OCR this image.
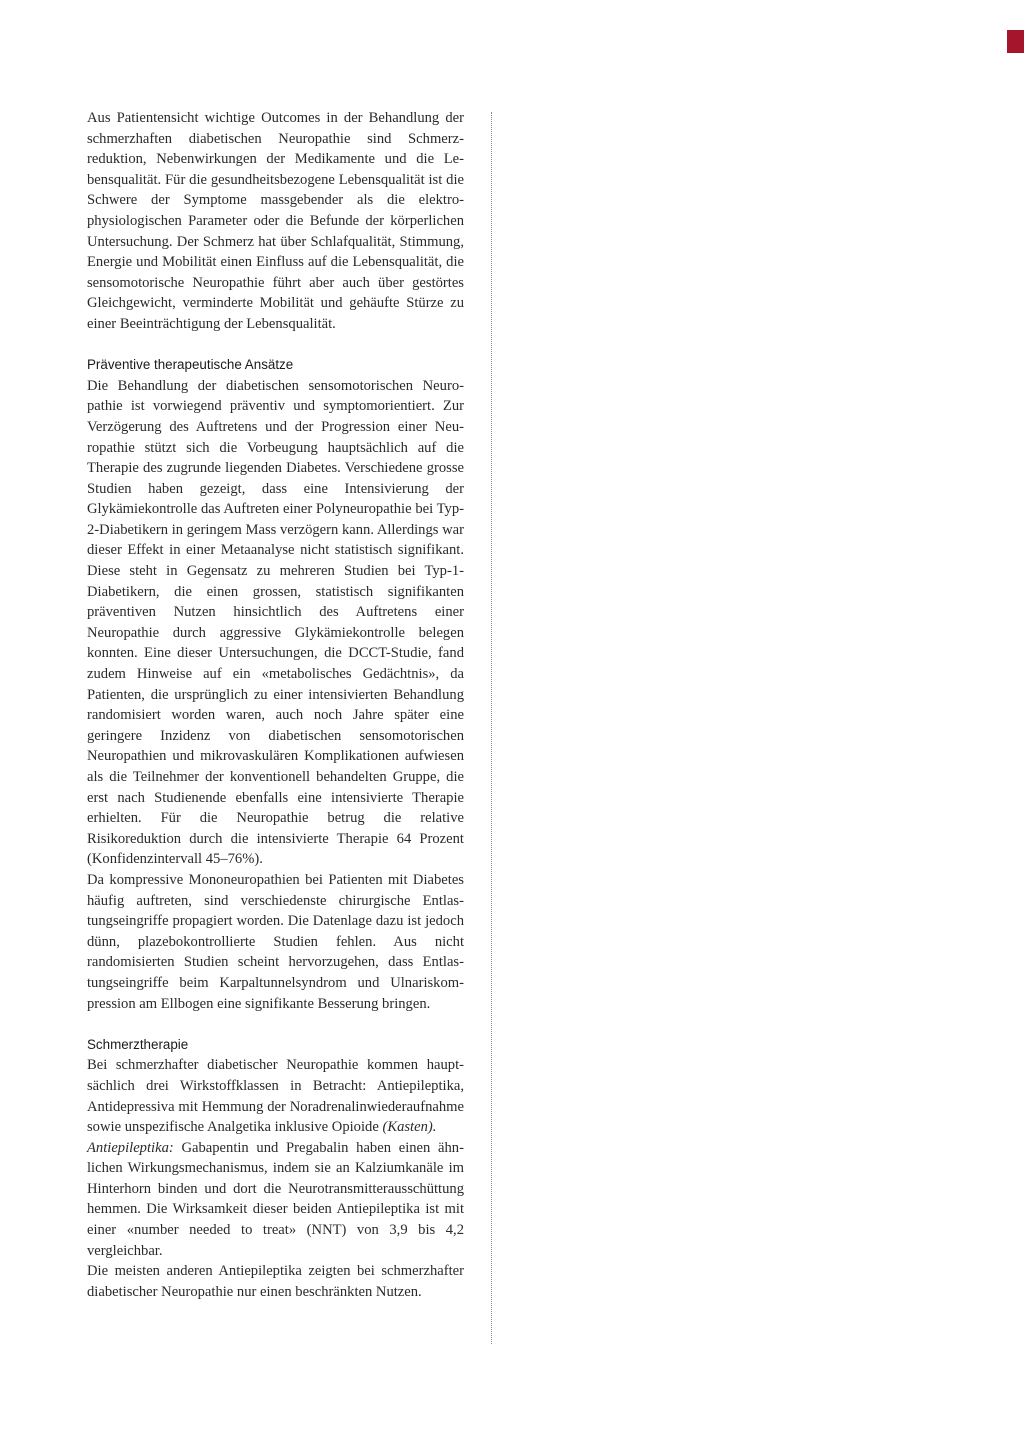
Aus Patientensicht wichtige Outcomes in der Behandlung der schmerzhaften diabetischen Neuropathie sind Schmerzreduktion, Nebenwirkungen der Medikamente und die Lebensqualität. Für die gesundheitsbezogene Lebensqualität ist die Schwere der Symptome massgebender als die elektrophysiologischen Parameter oder die Befunde der körperlichen Untersuchung. Der Schmerz hat über Schlafqualität, Stimmung, Energie und Mobilität einen Einfluss auf die Lebensqualität, die sensomotorische Neuropathie führt aber auch über gestörtes Gleichgewicht, verminderte Mobilität und gehäufte Stürze zu einer Beeinträchtigung der Lebensqualität.

Präventive therapeutische Ansätze

Die Behandlung der diabetischen sensomotorischen Neuropathie ist vorwiegend präventiv und symptomorientiert. Zur Verzögerung des Auftretens und der Progression einer Neuropathie stützt sich die Vorbeugung hauptsächlich auf die Therapie des zugrunde liegenden Diabetes. Verschiedene grosse Studien haben gezeigt, dass eine Intensivierung der Glykämiekontrolle das Auftreten einer Polyneuropathie bei Typ-2-Diabetikern in geringem Mass verzögern kann. Allerdings war dieser Effekt in einer Metaanalyse nicht statistisch signifikant. Diese steht in Gegensatz zu mehreren Studien bei Typ-1-Diabetikern, die einen grossen, statistisch signifikanten präventiven Nutzen hinsichtlich des Auftretens einer Neuropathie durch aggressive Glykämiekontrolle belegen konnten. Eine dieser Untersuchungen, die DCCT-Studie, fand zudem Hinweise auf ein «metabolisches Gedächtnis», da Patienten, die ursprünglich zu einer intensivierten Behandlung randomisiert worden waren, auch noch Jahre später eine geringere Inzidenz von diabetischen sensomotorischen Neuropathien und mikrovaskulären Komplikationen aufwiesen als die Teilnehmer der konventionell behandelten Gruppe, die erst nach Studienende ebenfalls eine intensivierte Therapie erhielten. Für die Neuropathie betrug die relative Risikoreduktion durch die intensivierte Therapie 64 Prozent (Konfidenzintervall 45–76%).

Da kompressive Mononeuropathien bei Patienten mit Diabetes häufig auftreten, sind verschiedenste chirurgische Entlastungseingriffe propagiert worden. Die Datenlage dazu ist jedoch dünn, plazebokontrollierte Studien fehlen. Aus nicht randomisierten Studien scheint hervorzugehen, dass Entlastungseingriffe beim Karpaltunnelsyndrom und Ulnariskompression am Ellbogen eine signifikante Besserung bringen.

Schmerztherapie

Bei schmerzhafter diabetischer Neuropathie kommen hauptsächlich drei Wirkstoffklassen in Betracht: Antiepileptika, Antidepressiva mit Hemmung der Noradrenalinwiederaufnahme sowie unspezifische Analgetika inklusive Opioide (Kasten).

Antiepileptika: Gabapentin und Pregabalin haben einen ähnlichen Wirkungsmechanismus, indem sie an Kalziumkanäle im Hinterhorn binden und dort die Neurotransmitterausschüttung hemmen. Die Wirksamkeit dieser beiden Antiepileptika ist mit einer «number needed to treat» (NNT) von 3,9 bis 4,2 vergleichbar.

Die meisten anderen Antiepileptika zeigten bei schmerzhafter diabetischer Neuropathie nur einen beschränkten Nutzen.
